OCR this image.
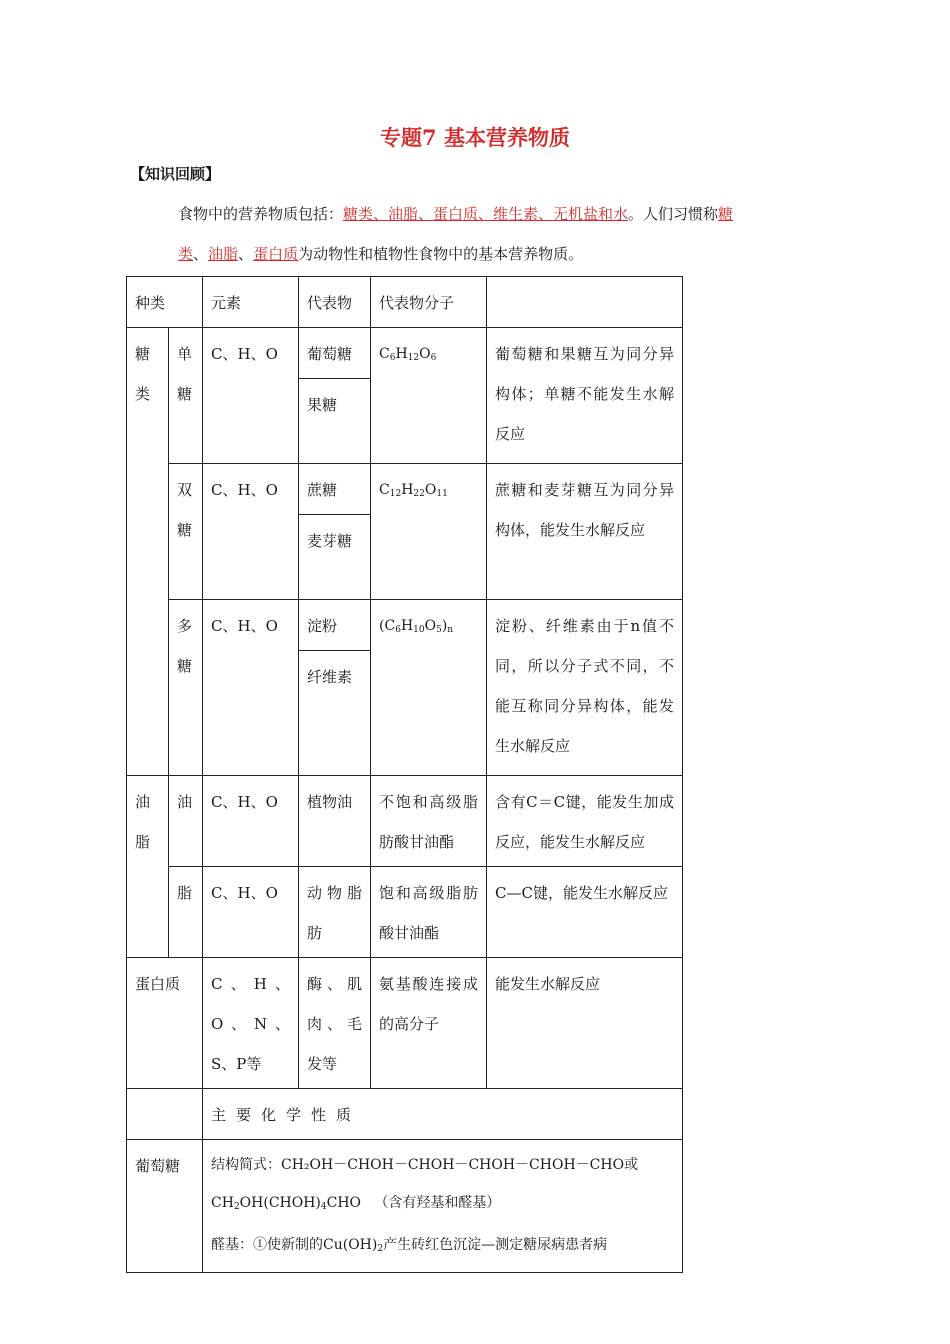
专题7 基本营养物质
【知识回顾】

食物中的营养物质包括：糖类、油脂、蛋白质、维生素、无机盐和水。人们习惯称糖

类、油脂、蛋白质为动物性和植物性食物中的基本营养物质。

种类		元素	代表物	代表物分子	
糖类	单糖	C、H、O	葡萄糖	$C_6H_{12}O_6$	葡萄糖和果糖互为同分异构体；单糖不能发生水解反应
			果糖		
	双糖	C、H、O	蔗糖	$C_{12}H_{22}O_{11}$	蔗糖和麦芽糖互为同分异构体，能发生水解反应
			麦芽糖		
	多糖	C、H、O	淀粉	$(C_6H_{10}O_5)_n$	淀粉、纤维素由于n值不同，所以分子式不同，不能互称同分异构体，能发生水解反应
			纤维素		
油脂	油	C、H、O	植物油	不饱和高级脂肪酸甘油酯	含有C＝C键，能发生加成反应，能发生水解反应
	脂	C、H、O	动物脂肪	饱和高级脂肪酸甘油酯	C—C键，能发生水解反应
蛋白质		C、H、O、N、S、P等	酶、肌肉、毛发等	氨基酸连接成的高分子	能发生水解反应
		主要化学性质			
葡萄糖		结构简式：CH₂OH－CHOH－CHOH－CHOH－CHOH－CHO或
$CH_2OH(CHOH)_4CHO$ （含有羟基和醛基）
醛基：①使新制的$Cu(OH)_2$产生砖红色沉淀—测定糖尿病患者病			
